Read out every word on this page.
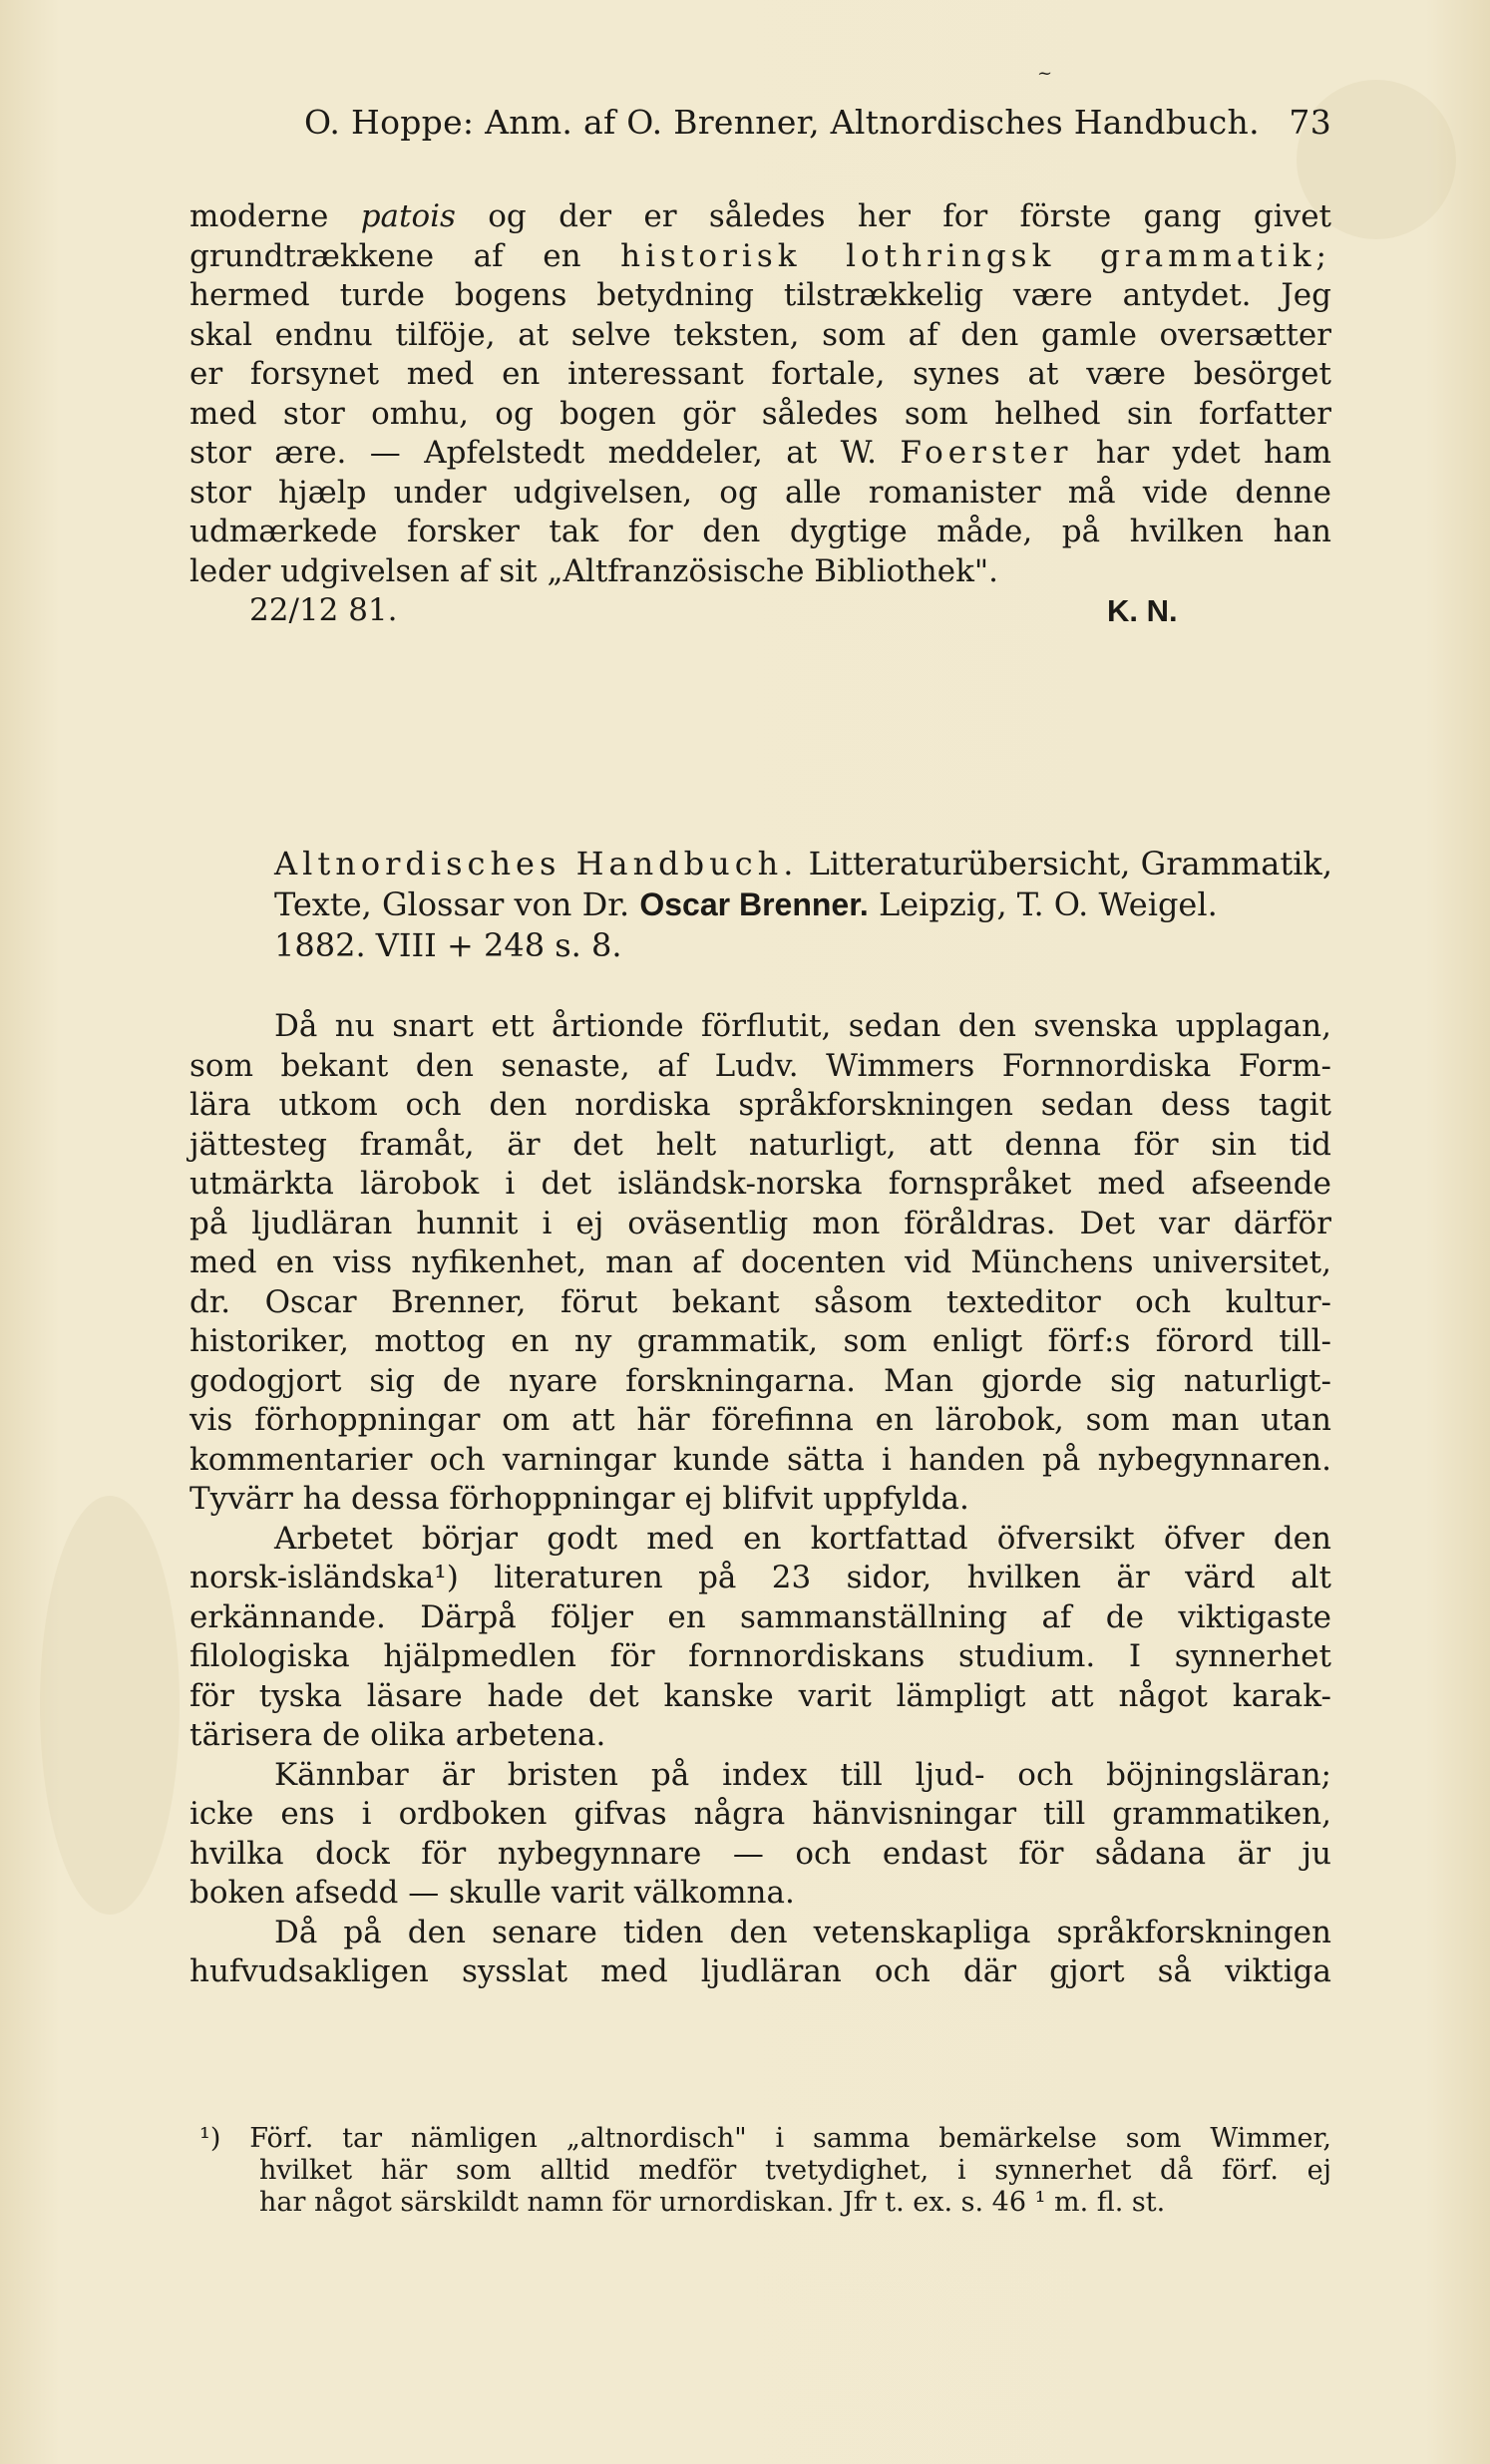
~
O. Hoppe: Anm. af O. Brenner, Altnordisches Handbuch. 73
moderne patois og der er således her for förste gang givet
grundtrækkene af en historisk lothringsk grammatik;
hermed turde bogens betydning tilstrækkelig være antydet. Jeg
skal endnu tilföje, at selve teksten, som af den gamle oversætter
er forsynet med en interessant fortale, synes at være besörget
med stor omhu, og bogen gör således som helhed sin forfatter
stor ære. — Apfelstedt meddeler, at W. Foerster har ydet ham
stor hjælp under udgivelsen, og alle romanister må vide denne
udmærkede forsker tak for den dygtige måde, på hvilken han
leder udgivelsen af sit „Altfranzösische Bibliothek".
22/12 81.	K. N.
Altnordisches Handbuch. Litteraturübersicht, Grammatik,
Texte, Glossar von Dr. Oscar Brenner. Leipzig, T. O. Weigel.
1882. VIII + 248 s. 8.
Då nu snart ett årtionde förflutit, sedan den svenska upplagan,
som bekant den senaste, af Ludv. Wimmers Fornnordiska Form-
lära utkom och den nordiska språkforskningen sedan dess tagit
jättesteg framåt, är det helt naturligt, att denna för sin tid
utmärkta lärobok i det isländsk-norska fornspråket med afseende
på ljudläran hunnit i ej oväsentlig mon föråldras. Det var därför
med en viss nyfikenhet, man af docenten vid Münchens universitet,
dr. Oscar Brenner, förut bekant såsom texteditor och kultur-
historiker, mottog en ny grammatik, som enligt förf:s förord till-
godogjort sig de nyare forskningarna. Man gjorde sig naturligt-
vis förhoppningar om att här förefinna en lärobok, som man utan
kommentarier och varningar kunde sätta i handen på nybegynnaren.
Tyvärr ha dessa förhoppningar ej blifvit uppfylda.
Arbetet börjar godt med en kortfattad öfversikt öfver den
norsk-isländska¹) literaturen på 23 sidor, hvilken är värd alt
erkännande. Därpå följer en sammanställning af de viktigaste
filologiska hjälpmedlen för fornnordiskans studium. I synnerhet
för tyska läsare hade det kanske varit lämpligt att något karak-
tärisera de olika arbetena.
Kännbar är bristen på index till ljud- och böjningsläran;
icke ens i ordboken gifvas några hänvisningar till grammatiken,
hvilka dock för nybegynnare — och endast för sådana är ju
boken afsedd — skulle varit välkomna.
Då på den senare tiden den vetenskapliga språkforskningen
hufvudsakligen sysslat med ljudläran och där gjort så viktiga
¹) Förf. tar nämligen „altnordisch" i samma bemärkelse som Wimmer,
hvilket här som alltid medför tvetydighet, i synnerhet då förf. ej
har något särskildt namn för urnordiskan. Jfr t. ex. s. 46 ¹ m. fl. st.
